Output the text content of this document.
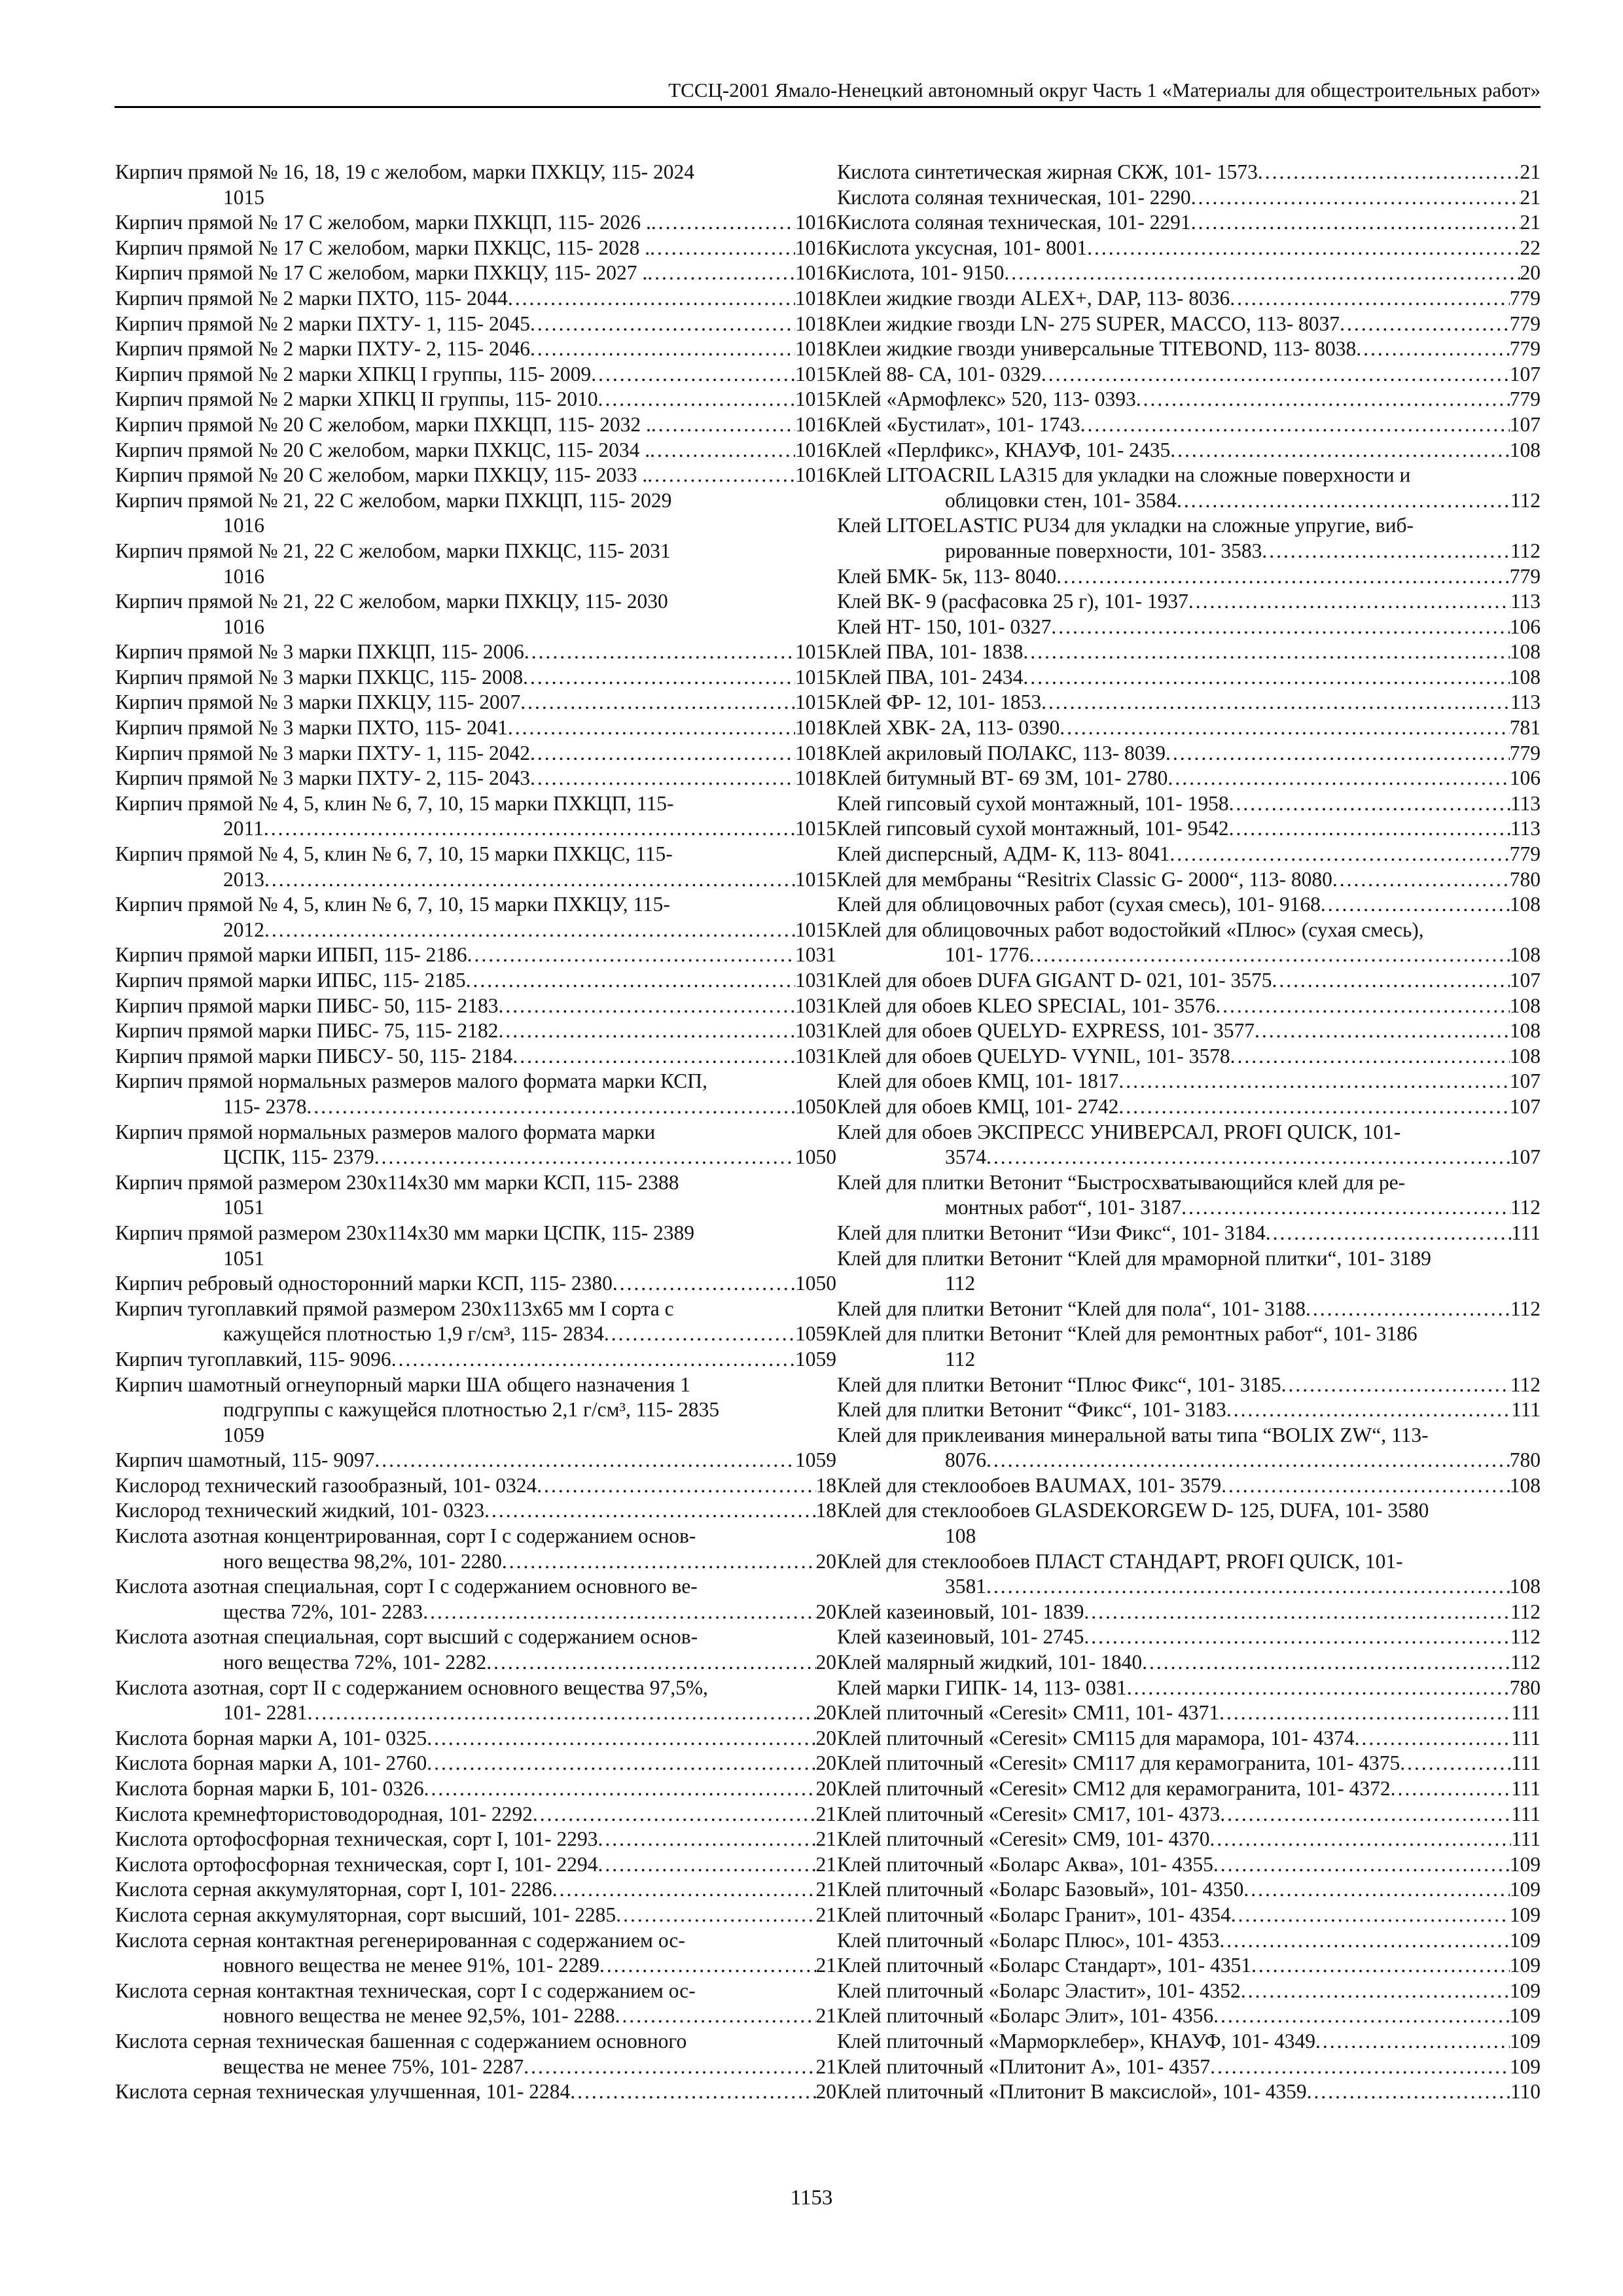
ТССЦ-2001 Ямало-Ненецкий автономный округ Часть 1 «Материалы для общестроительных работ»
Кирпич прямой № 16, 18, 19 с желобом, марки ПХКЦУ, 115- 2024
1015
Кирпич прямой № 17 С желобом, марки ПХКЦП, 115- 2026 . .....	1016
Кирпич прямой № 17 С желобом, марки ПХКЦС, 115- 2028 . .....	1016
Кирпич прямой № 17 С желобом, марки ПХКЦУ, 115- 2027 . .....	1016
Кирпич прямой № 2 марки ПХТО, 115- 2044 .....	1018
Кирпич прямой № 2 марки ПХТУ- 1, 115- 2045 .....	1018
Кирпич прямой № 2 марки ПХТУ- 2, 115- 2046 .....	1018
Кирпич прямой № 2 марки ХПКЦ I группы, 115- 2009 .....	1015
Кирпич прямой № 2 марки ХПКЦ II группы, 115- 2010 .....	1015
Кирпич прямой № 20 С желобом, марки ПХКЦП, 115- 2032 . .....	1016
Кирпич прямой № 20 С желобом, марки ПХКЦС, 115- 2034 . .....	1016
Кирпич прямой № 20 С желобом, марки ПХКЦУ, 115- 2033 . .....	1016
Кирпич прямой № 21, 22 С желобом, марки ПХКЦП, 115- 2029
1016
Кирпич прямой № 21, 22 С желобом, марки ПХКЦС, 115- 2031
1016
Кирпич прямой № 21, 22 С желобом, марки ПХКЦУ, 115- 2030
1016
Кирпич прямой № 3 марки ПХКЦП, 115- 2006 .....	1015
Кирпич прямой № 3 марки ПХКЦС, 115- 2008 .....	1015
Кирпич прямой № 3 марки ПХКЦУ, 115- 2007 .....	1015
Кирпич прямой № 3 марки ПХТО, 115- 2041 .....	1018
Кирпич прямой № 3 марки ПХТУ- 1, 115- 2042 .....	1018
Кирпич прямой № 3 марки ПХТУ- 2, 115- 2043 .....	1018
Кирпич прямой № 4, 5, клин № 6, 7, 10, 15 марки ПХКЦП, 115-
2011 .....	1015
Кирпич прямой № 4, 5, клин № 6, 7, 10, 15 марки ПХКЦС, 115-
2013 .....	1015
Кирпич прямой № 4, 5, клин № 6, 7, 10, 15 марки ПХКЦУ, 115-
2012 .....	1015
Кирпич прямой марки ИПБП, 115- 2186 .....	1031
Кирпич прямой марки ИПБС, 115- 2185 .....	1031
Кирпич прямой марки ПИБС- 50, 115- 2183 .....	1031
Кирпич прямой марки ПИБС- 75, 115- 2182 .....	1031
Кирпич прямой марки ПИБСУ- 50, 115- 2184 .....	1031
Кирпич прямой нормальных размеров малого формата марки КСП,
115- 2378 .....	1050
Кирпич прямой нормальных размеров малого формата марки
ЦСПК, 115- 2379 .....	1050
Кирпич прямой размером 230х114х30 мм марки КСП, 115- 2388
1051
Кирпич прямой размером 230х114х30 мм марки ЦСПК, 115- 2389
1051
Кирпич ребровый односторонний марки КСП, 115- 2380 .....	1050
Кирпич тугоплавкий прямой размером 230х113х65 мм I сорта с
кажущейся плотностью 1,9 г/см³, 115- 2834 .....	1059
Кирпич тугоплавкий, 115- 9096 .....	1059
Кирпич шамотный огнеупорный марки ША общего назначения 1
подгруппы с кажущейся плотностью 2,1 г/см³, 115- 2835
1059
Кирпич шамотный, 115- 9097 .....	1059
Кислород технический газообразный, 101- 0324 .....	18
Кислород технический жидкий, 101- 0323 .....	18
Кислота азотная концентрированная, сорт I с содержанием основ-
ного вещества 98,2%, 101- 2280 .....	20
Кислота азотная специальная, сорт I с содержанием основного ве-
щества 72%, 101- 2283 .....	20
Кислота азотная специальная, сорт высший с содержанием основ-
ного вещества 72%, 101- 2282 .....	20
Кислота азотная, сорт II с содержанием основного вещества 97,5%,
101- 2281 .....	20
Кислота борная марки А, 101- 0325 .....	20
Кислота борная марки А, 101- 2760 .....	20
Кислота борная марки Б, 101- 0326 .....	20
Кислота кремнефтористоводородная, 101- 2292 .....	21
Кислота ортофосфорная техническая, сорт I, 101- 2293 .....	21
Кислота ортофосфорная техническая, сорт I, 101- 2294 .....	21
Кислота серная аккумуляторная, сорт I, 101- 2286 .....	21
Кислота серная аккумуляторная, сорт высший, 101- 2285 .....	21
Кислота серная контактная регенерированная с содержанием ос-
новного вещества не менее 91%, 101- 2289 .....	21
Кислота серная контактная техническая, сорт I с содержанием ос-
новного вещества не менее 92,5%, 101- 2288 .....	21
Кислота серная техническая башенная с содержанием основного
вещества не менее 75%, 101- 2287 .....	21
Кислота серная техническая улучшенная, 101- 2284 .....	20
Кислота синтетическая жирная СКЖ, 101- 1573 .....	21
Кислота соляная техническая, 101- 2290 .....	21
Кислота соляная техническая, 101- 2291 .....	21
Кислота уксусная, 101- 8001 .....	22
Кислота, 101- 9150 .....	20
Клеи жидкие гвозди ALEX+, DAP, 113- 8036 .....	779
Клеи жидкие гвозди LN- 275 SUPER, MACCO, 113- 8037 .....	779
Клеи жидкие гвозди универсальные TITEBOND, 113- 8038 .....	779
Клей 88- СА, 101- 0329 .....	107
Клей «Армофлекс» 520, 113- 0393 .....	779
Клей «Бустилат», 101- 1743 .....	107
Клей «Перлфикс», КНАУФ, 101- 2435 .....	108
Клей LITOACRIL LA315 для укладки на сложные поверхности и
облицовки стен, 101- 3584 .....	112
Клей LITOELASTIC PU34 для укладки на сложные упругие, виб-
рированные поверхности, 101- 3583 .....	112
Клей БМК- 5к, 113- 8040 .....	779
Клей ВК- 9 (расфасовка 25 г), 101- 1937 .....	113
Клей НТ- 150, 101- 0327 .....	106
Клей ПВА, 101- 1838 .....	108
Клей ПВА, 101- 2434 .....	108
Клей ФР- 12, 101- 1853 .....	113
Клей ХВК- 2А, 113- 0390 .....	781
Клей акриловый ПОЛАКС, 113- 8039 .....	779
Клей битумный ВТ- 69 ЗМ, 101- 2780 .....	106
Клей гипсовый сухой монтажный, 101- 1958 .....	113
Клей гипсовый сухой монтажный, 101- 9542 .....	113
Клей дисперсный, АДМ- К, 113- 8041 .....	779
Клей для мембраны “Resitrix Classic G- 2000“, 113- 8080 .....	780
Клей для облицовочных работ (сухая смесь), 101- 9168 .....	108
Клей для облицовочных работ водостойкий «Плюс» (сухая смесь),
101- 1776 .....	108
Клей для обоев DUFA GIGANT D- 021, 101- 3575 .....	107
Клей для обоев KLEO SPECIAL, 101- 3576 .....	108
Клей для обоев QUELYD- EXPRESS, 101- 3577 .....	108
Клей для обоев QUELYD- VYNIL, 101- 3578 .....	108
Клей для обоев КМЦ, 101- 1817 .....	107
Клей для обоев КМЦ, 101- 2742 .....	107
Клей для обоев ЭКСПРЕСС УНИВЕРСАЛ, PROFI QUICK, 101-
3574 .....	107
Клей для плитки Ветонит “Быстросхватывающийся клей для ре-
монтных работ“, 101- 3187 .....	112
Клей для плитки Ветонит “Изи Фикс“, 101- 3184 .....	111
Клей для плитки Ветонит “Клей для мраморной плитки“, 101- 3189
112
Клей для плитки Ветонит “Клей для пола“, 101- 3188 .....	112
Клей для плитки Ветонит “Клей для ремонтных работ“, 101- 3186
112
Клей для плитки Ветонит “Плюс Фикс“, 101- 3185 .....	112
Клей для плитки Ветонит “Фикс“, 101- 3183 .....	111
Клей для приклеивания минеральной ваты типа “BOLIX ZW“, 113-
8076 .....	780
Клей для стеклообоев BAUMAX, 101- 3579 .....	108
Клей для стеклообоев GLASDEKORGEW D- 125, DUFA, 101- 3580
108
Клей для стеклообоев ПЛАСТ СТАНДАРТ, PROFI QUICK, 101-
3581 .....	108
Клей казеиновый, 101- 1839 .....	112
Клей казеиновый, 101- 2745 .....	112
Клей малярный жидкий, 101- 1840 .....	112
Клей марки ГИПК- 14, 113- 0381 .....	780
Клей плиточный «Ceresit» СМ11, 101- 4371 .....	111
Клей плиточный «Ceresit» СМ115 для марамора, 101- 4374 .....	111
Клей плиточный «Ceresit» СМ117 для керамогранита, 101- 4375 .....	111
Клей плиточный «Ceresit» СМ12 для керамогранита, 101- 4372 .....	111
Клей плиточный «Ceresit» СМ17, 101- 4373 .....	111
Клей плиточный «Ceresit» СМ9, 101- 4370 .....	111
Клей плиточный «Боларс Аква», 101- 4355 .....	109
Клей плиточный «Боларс Базовый», 101- 4350 .....	109
Клей плиточный «Боларс Гранит», 101- 4354 .....	109
Клей плиточный «Боларс Плюс», 101- 4353 .....	109
Клей плиточный «Боларс Стандарт», 101- 4351 .....	109
Клей плиточный «Боларс Эластит», 101- 4352 .....	109
Клей плиточный «Боларс Элит», 101- 4356 .....	109
Клей плиточный «Марморклебер», КНАУФ, 101- 4349 .....	109
Клей плиточный «Плитонит А», 101- 4357 .....	109
Клей плиточный «Плитонит В максислой», 101- 4359 .....	110
1153
